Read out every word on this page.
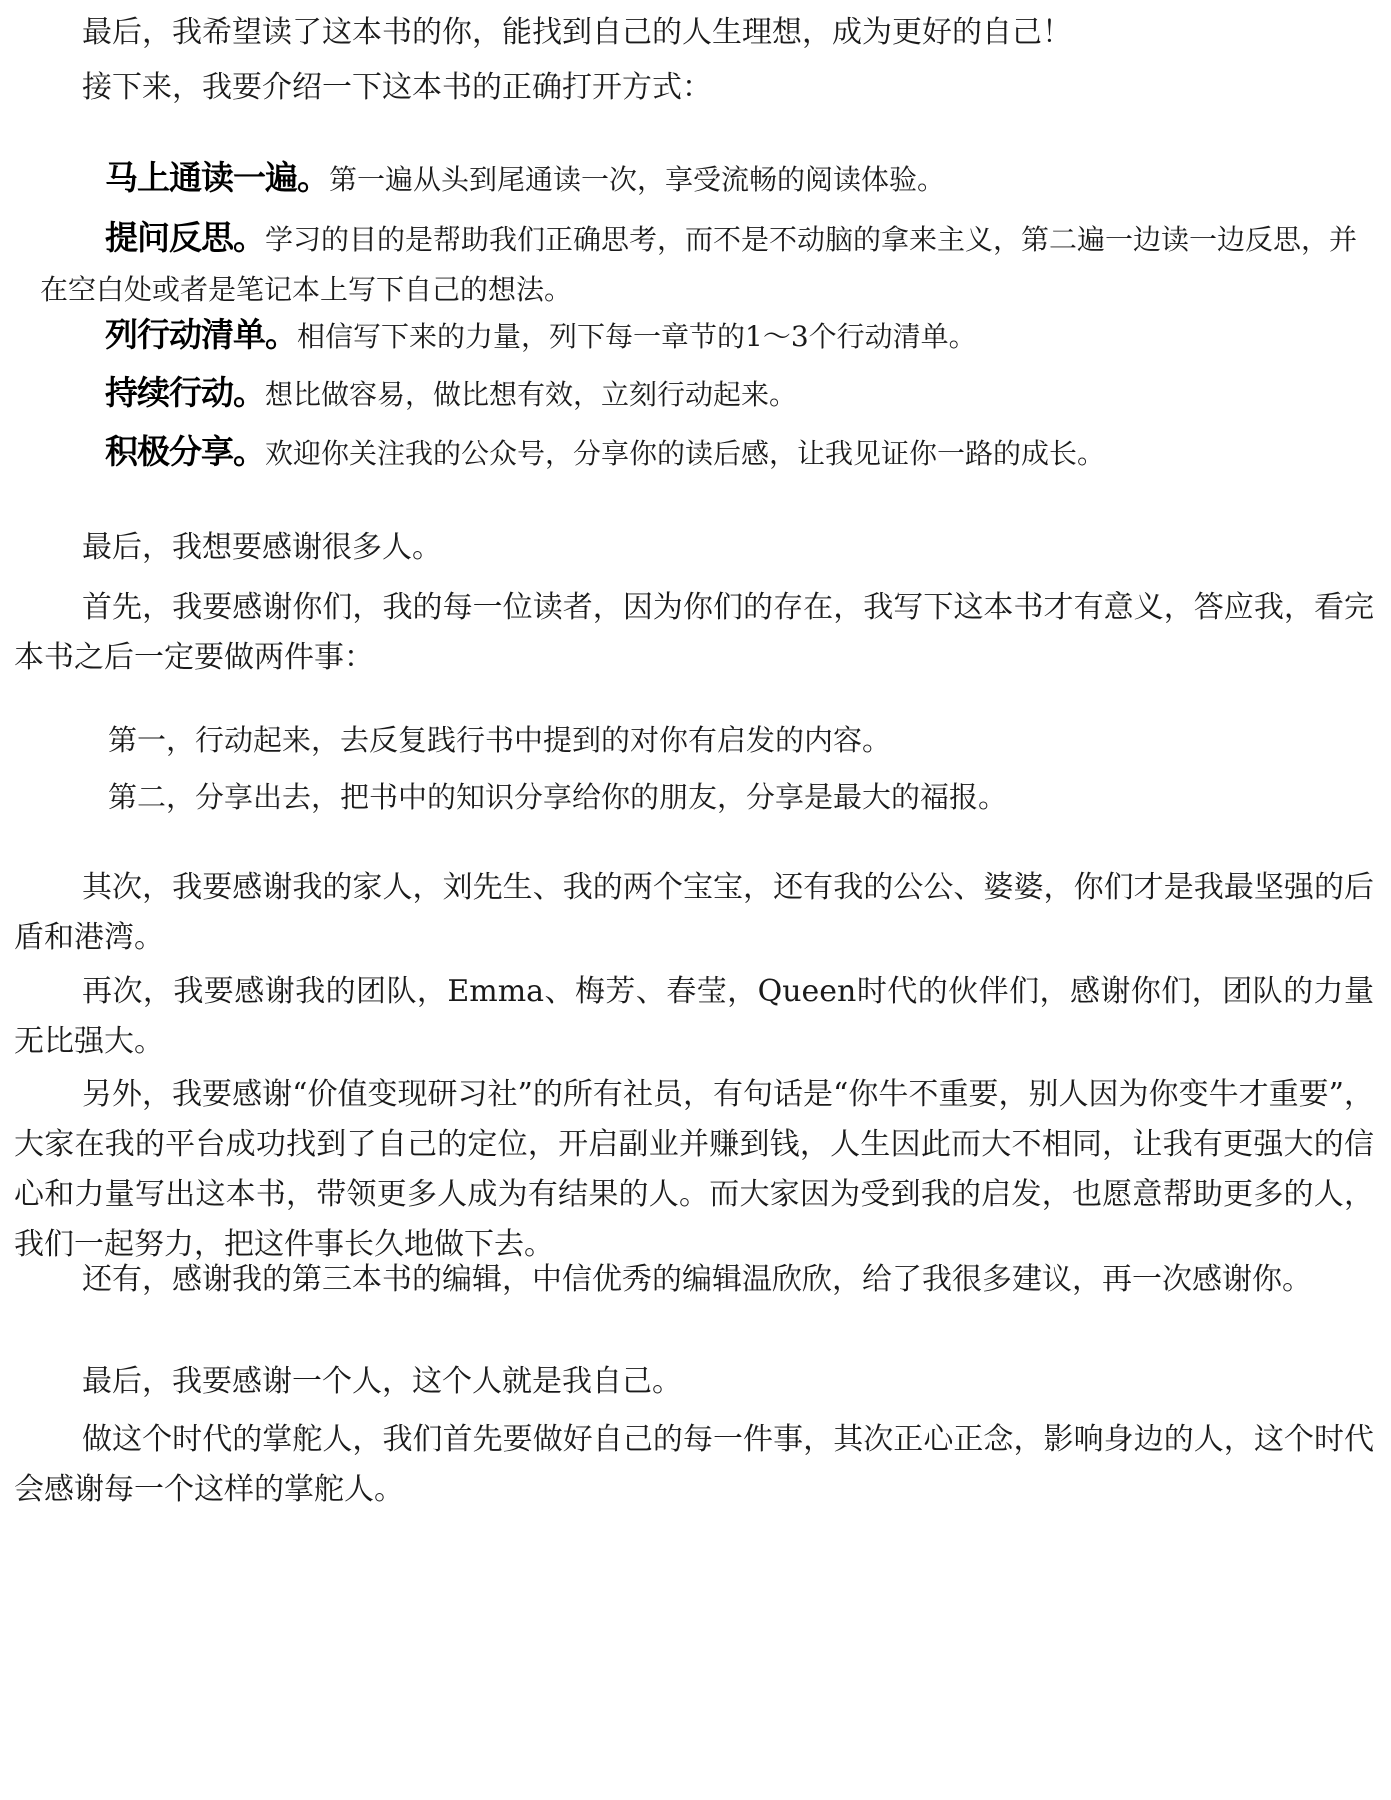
最后，我希望读了这本书的你，能找到自己的人生理想，成为更好的自己！

接下来，我要介绍一下这本书的正确打开方式：

马上通读一遍。第一遍从头到尾通读一次，享受流畅的阅读体验。

提问反思。学习的目的是帮助我们正确思考，而不是不动脑的拿来主义，第二遍一边读一边反思，并在空白处或者是笔记本上写下自己的想法。

列行动清单。相信写下来的力量，列下每一章节的1～3个行动清单。

持续行动。想比做容易，做比想有效，立刻行动起来。

积极分享。欢迎你关注我的公众号，分享你的读后感，让我见证你一路的成长。

最后，我想要感谢很多人。

首先，我要感谢你们，我的每一位读者，因为你们的存在，我写下这本书才有意义，答应我，看完本书之后一定要做两件事：

第一，行动起来，去反复践行书中提到的对你有启发的内容。

第二，分享出去，把书中的知识分享给你的朋友，分享是最大的福报。

其次，我要感谢我的家人，刘先生、我的两个宝宝，还有我的公公、婆婆，你们才是我最坚强的后盾和港湾。

再次，我要感谢我的团队，Emma、梅芳、春莹，Queen时代的伙伴们，感谢你们，团队的力量无比强大。

另外，我要感谢“价值变现研习社”的所有社员，有句话是“你牛不重要，别人因为你变牛才重要”，大家在我的平台成功找到了自己的定位，开启副业并赚到钱，人生因此而大不相同，让我有更强大的信心和力量写出这本书，带领更多人成为有结果的人。而大家因为受到我的启发，也愿意帮助更多的人，我们一起努力，把这件事长久地做下去。

还有，感谢我的第三本书的编辑，中信优秀的编辑温欣欣，给了我很多建议，再一次感谢你。

最后，我要感谢一个人，这个人就是我自己。

做这个时代的掌舵人，我们首先要做好自己的每一件事，其次正心正念，影响身边的人，这个时代会感谢每一个这样的掌舵人。
